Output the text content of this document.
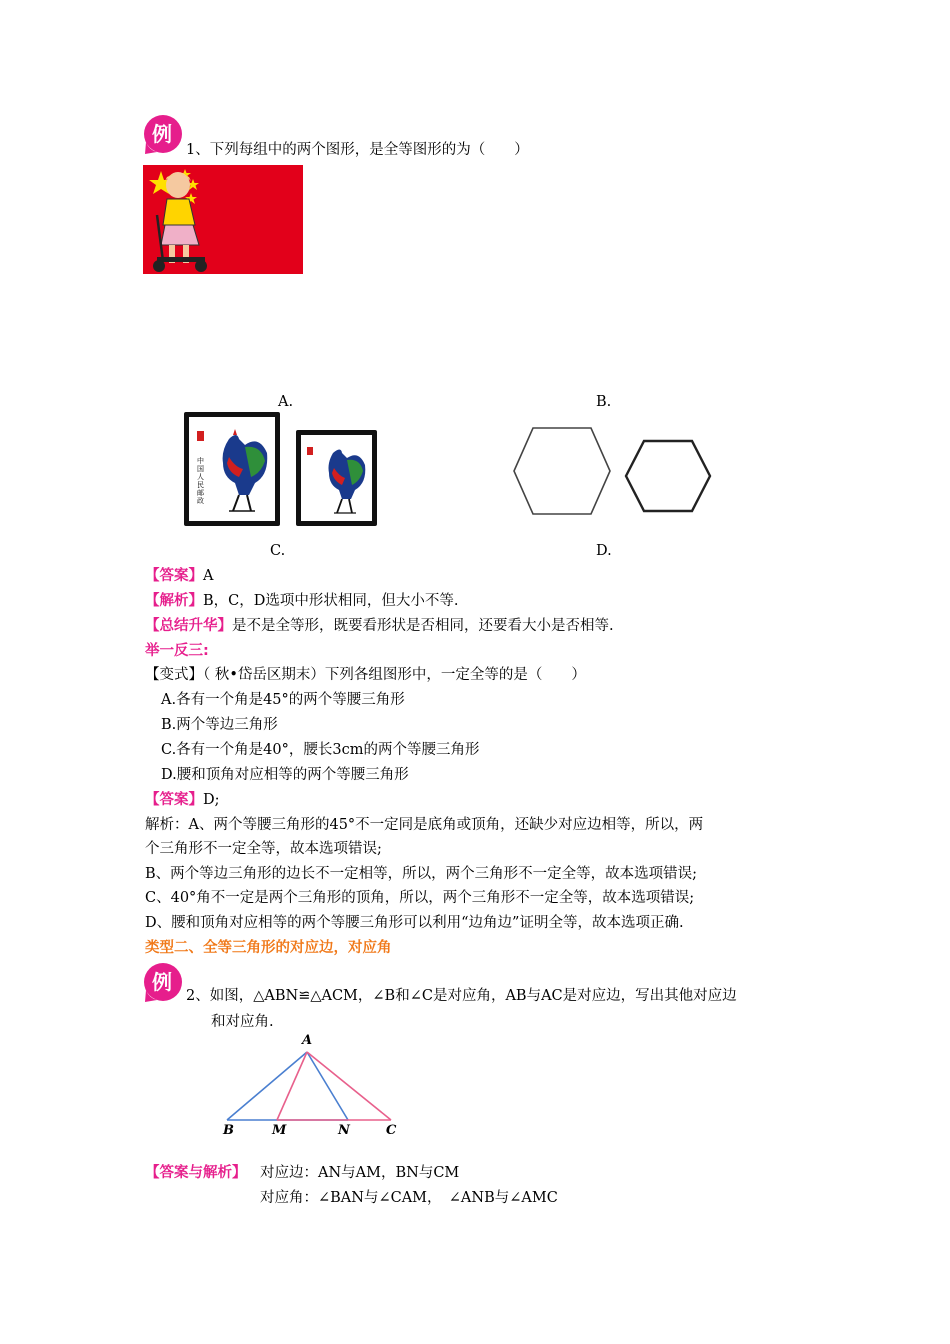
例
1、下列每组中的两个图形，是全等图形的为（　　）
A.	B.
中国人民邮政
C.	D.
【答案】A
【解析】B，C，D选项中形状相同，但大小不等.
【总结升华】是不是全等形，既要看形状是否相同，还要看大小是否相等.
举一反三:
【变式】（ 秋•岱岳区期末）下列各组图形中，一定全等的是（　　）
A.各有一个角是45°的两个等腰三角形
B.两个等边三角形
C.各有一个角是40°，腰长3cm的两个等腰三角形
D.腰和顶角对应相等的两个等腰三角形
【答案】D;
解析：A、两个等腰三角形的45°不一定同是底角或顶角，还缺少对应边相等，所以，两
个三角形不一定全等，故本选项错误;
B、两个等边三角形的边长不一定相等，所以，两个三角形不一定全等，故本选项错误;
C、40°角不一定是两个三角形的顶角，所以，两个三角形不一定全等，故本选项错误;
D、腰和顶角对应相等的两个等腰三角形可以利用“边角边”证明全等，故本选项正确.
类型二、全等三角形的对应边，对应角
例
2、如图，△ABN≌△ACM，∠B和∠C是对应角，AB与AC是对应边，写出其他对应边
和对应角.
A
B	M	N	C
【答案与解析】 对应边：AN与AM，BN与CM
对应角：∠BAN与∠CAM，　∠ANB与∠AMC
